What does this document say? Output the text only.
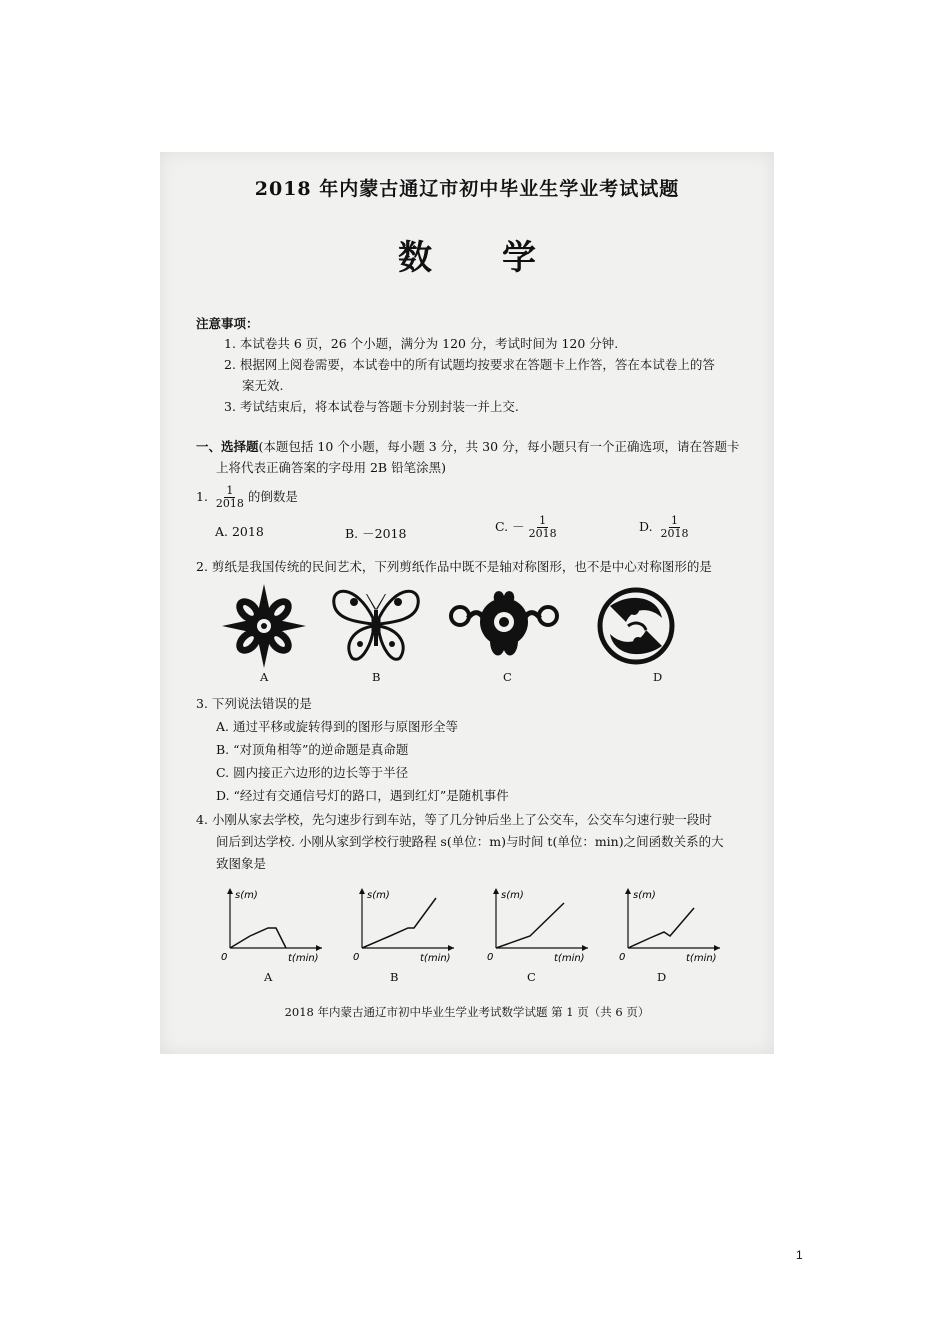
2018 年内蒙古通辽市初中毕业生学业考试试题
数学
注意事项：
1. 本试卷共 6 页，26 个小题，满分为 120 分，考试时间为 120 分钟.
2. 根据网上阅卷需要，本试卷中的所有试题均按要求在答题卡上作答，答在本试卷上的答
案无效.
3. 考试结束后，将本试卷与答题卡分别封装一并上交.
一、选择题(本题包括 10 个小题，每小题 3 分，共 30 分，每小题只有一个正确选项，请在答题卡
上将代表正确答案的字母用 2B 铅笔涂黑)
1. $\frac{1}{2018}$ 的倒数是
A. 2018	B. －2018	C. － $\frac{1}{2018}$	D. $\frac{1}{2018}$
2. 剪纸是我国传统的民间艺术，下列剪纸作品中既不是轴对称图形，也不是中心对称图形的是
A	B	C	D
3. 下列说法错误的是
A. 通过平移或旋转得到的图形与原图形全等
B. “对顶角相等”的逆命题是真命题
C. 圆内接正六边形的边长等于半径
D. “经过有交通信号灯的路口，遇到红灯”是随机事件
4. 小刚从家去学校，先匀速步行到车站，等了几分钟后坐上了公交车，公交车匀速行驶一段时
间后到达学校. 小刚从家到学校行驶路程 s(单位：m)与时间 t(单位：min)之间函数关系的大
致图象是
s(m)
t(min)
0
s(m)
t(min)
0
s(m)
t(min)
0
s(m)
t(min)
0
A	B	C	D
2018 年内蒙古通辽市初中毕业生学业考试数学试题 第 1 页（共 6 页）
1
